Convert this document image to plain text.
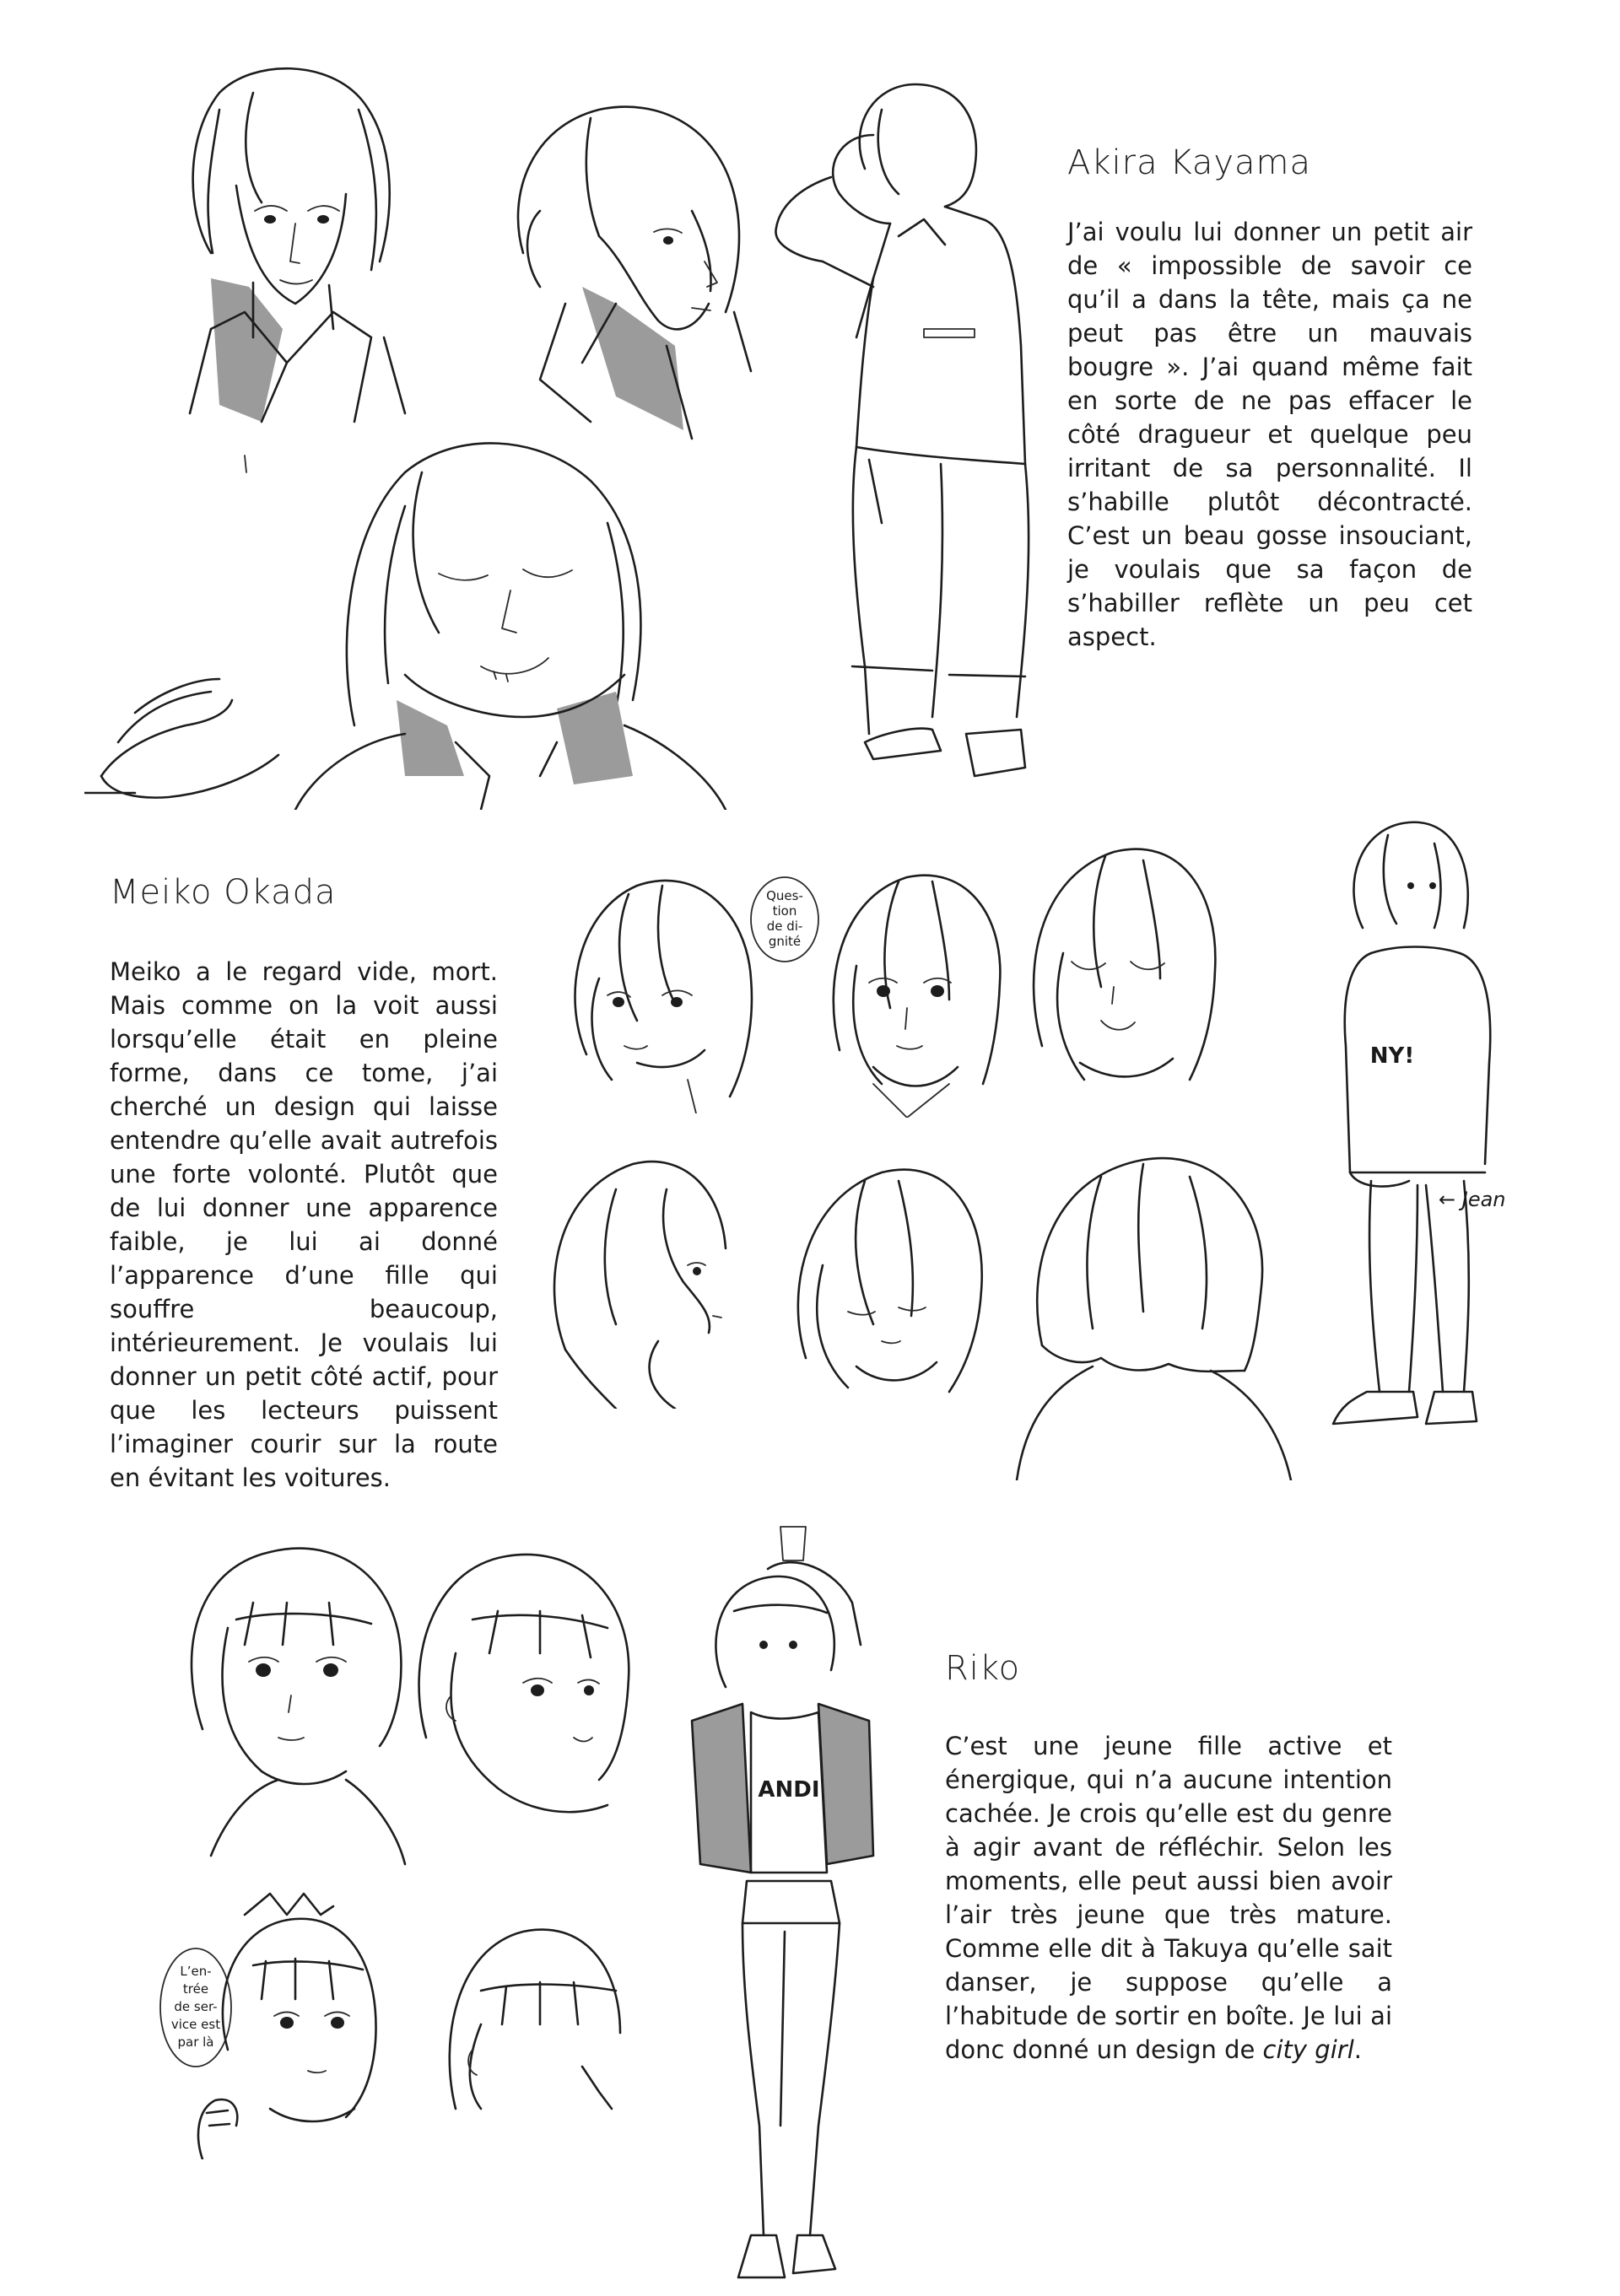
Akira Kayama

J’ai voulu lui donner un petit air de « impossible de savoir ce qu’il a dans la tête, mais ça ne peut pas être un mauvais bougre ». J’ai quand même fait en sorte de ne pas effacer le côté dragueur et quelque peu irritant de sa personnalité. Il s’habille plutôt décontracté. C’est un beau gosse insouciant, je voulais que sa façon de s’habiller reflète un peu cet aspect.

Meiko Okada

Meiko a le regard vide, mort. Mais comme on la voit aussi lorsqu’elle était en pleine forme, dans ce tome, j’ai cherché un design qui laisse entendre qu’elle avait autrefois une forte volonté. Plutôt que de lui donner une apparence faible, je lui ai donné l’apparence d’une fille qui souffre beaucoup, intérieurement. Je voulais lui donner un petit côté actif, pour que les lecteurs puissent l’imaginer courir sur la route en évitant les voitures.

Ques-
tion
de di-
gnité
NY!
← Jean
L’en-
trée
de ser-
vice est
par là
ANDI
Riko

C’est une jeune fille active et énergique, qui n’a aucune intention cachée. Je crois qu’elle est du genre à agir avant de réfléchir. Selon les moments, elle peut aussi bien avoir l’air très jeune que très mature. Comme elle dit à Takuya qu’elle sait danser, je suppose qu’elle a l’habitude de sortir en boîte. Je lui ai donc donné un design de city girl.
